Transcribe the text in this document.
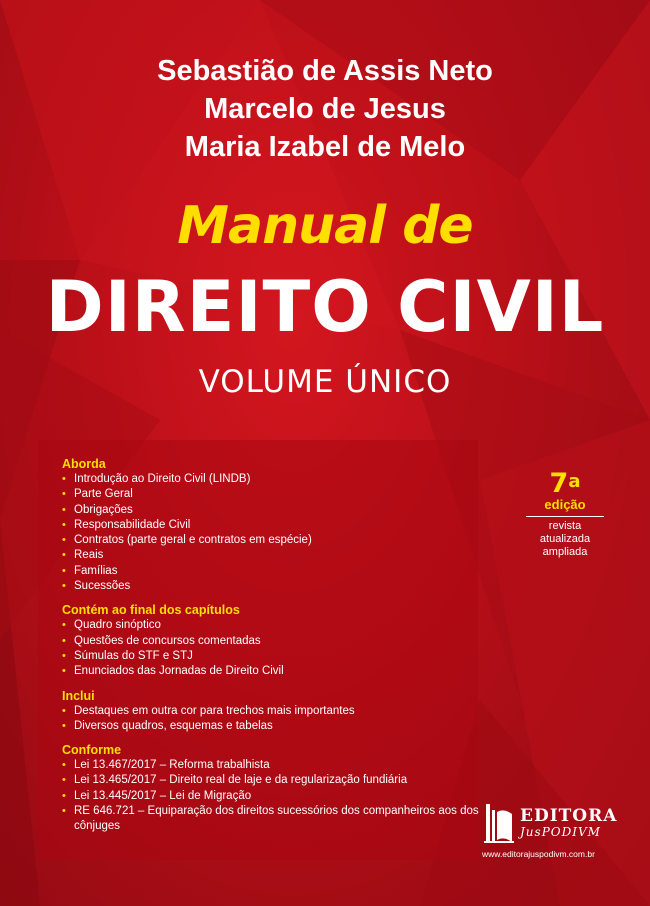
Sebastião de Assis Neto
Marcelo de Jesus
Maria Izabel de Melo
Manual de
DIREITO CIVIL
VOLUME ÚNICO
Aborda
• Introdução ao Direito Civil (LINDB)
• Parte Geral
• Obrigações
• Responsabilidade Civil
• Contratos (parte geral e contratos em espécie)
• Reais
• Famílias
• Sucessões
Contém ao final dos capítulos
• Quadro sinóptico
• Questões de concursos comentadas
• Súmulas do STF e STJ
• Enunciados das Jornadas de Direito Civil
Inclui
• Destaques em outra cor para trechos mais importantes
• Diversos quadros, esquemas e tabelas
Conforme
• Lei 13.467/2017 – Reforma trabalhista
• Lei 13.465/2017 – Direito real de laje e da regularização fundiária
• Lei 13.445/2017 – Lei de Migração
• RE 646.721 – Equiparação dos direitos sucessórios dos companheiros aos dos cônjuges
7$^a$
edição
revista
atualizada
ampliada
EDITORA
JusPODIVM
www.editorajuspodivm.com.br
